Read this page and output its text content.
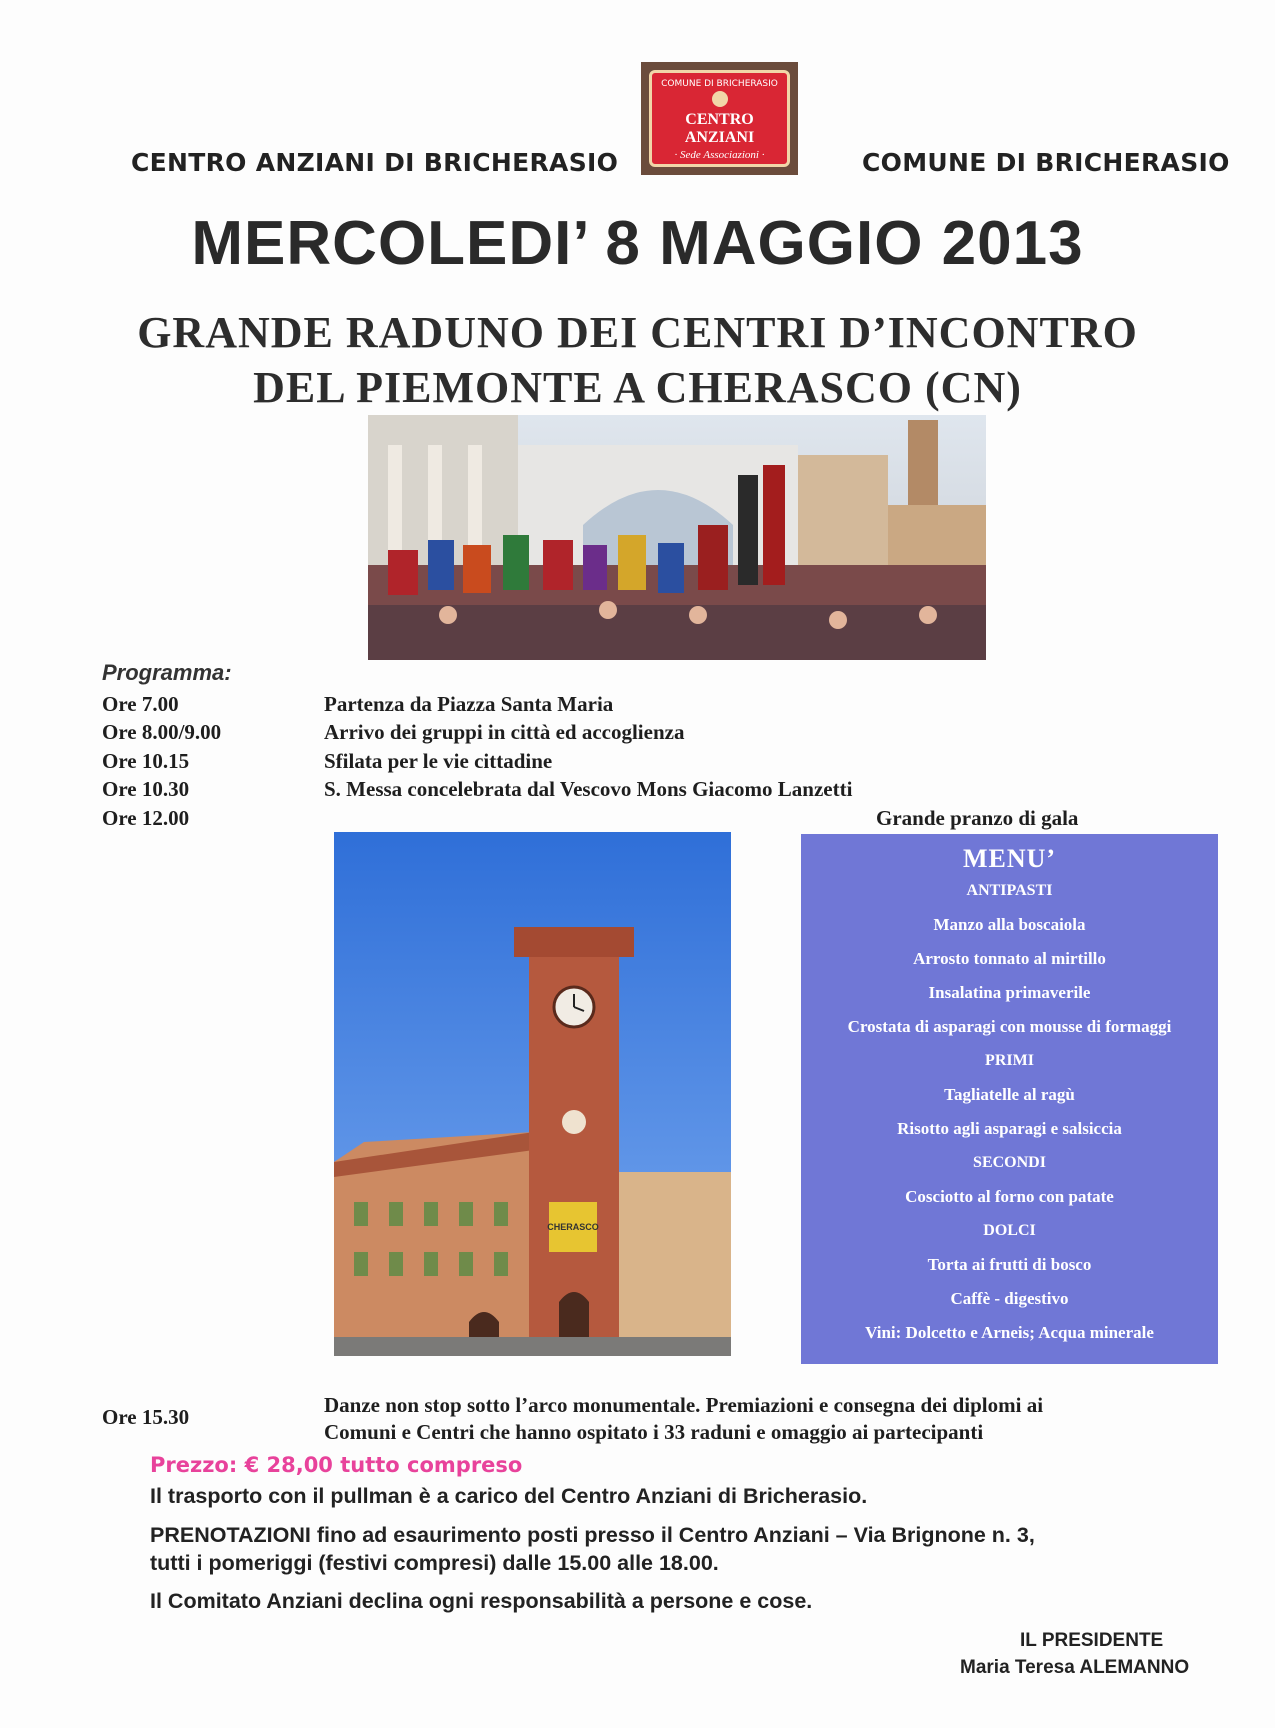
CENTRO ANZIANI DI BRICHERASIO	COMUNE DI BRICHERASIO
COMUNE DI BRICHERASIO
CENTRO ANZIANI
· Sede Associazioni ·
MERCOLEDI’ 8 MAGGIO 2013
GRANDE RADUNO DEI CENTRI D’INCONTRO
DEL PIEMONTE A CHERASCO (CN)
Programma:
Ore 7.00	Partenza da Piazza Santa Maria
Ore 8.00/9.00	Arrivo dei gruppi in città ed accoglienza
Ore 10.15	Sfilata per le vie cittadine
Ore 10.30	S. Messa concelebrata dal Vescovo Mons Giacomo Lanzetti
Ore 12.00	Grande pranzo di gala
CHERASCO
MENU’
ANTIPASTI
Manzo alla boscaiola
Arrosto tonnato al mirtillo
Insalatina primaverile
Crostata di asparagi con mousse di formaggi
PRIMI
Tagliatelle al ragù
Risotto agli asparagi e salsiccia
SECONDI
Cosciotto al forno con patate
DOLCI
Torta ai frutti di bosco
Caffè - digestivo
Vini: Dolcetto e Arneis; Acqua minerale
Ore 15.30	Danze non stop sotto l’arco monumentale. Premiazioni e consegna dei diplomi ai
Comuni e Centri che hanno ospitato i 33 raduni e omaggio ai partecipanti
Prezzo: € 28,00 tutto compreso
Il trasporto con il pullman è a carico del Centro Anziani di Bricherasio.
PRENOTAZIONI fino ad esaurimento posti presso il Centro Anziani – Via Brignone n. 3,
tutti i pomeriggi (festivi compresi) dalle 15.00 alle 18.00.
Il Comitato Anziani declina ogni responsabilità a persone e cose.
IL PRESIDENTE
Maria Teresa ALEMANNO
